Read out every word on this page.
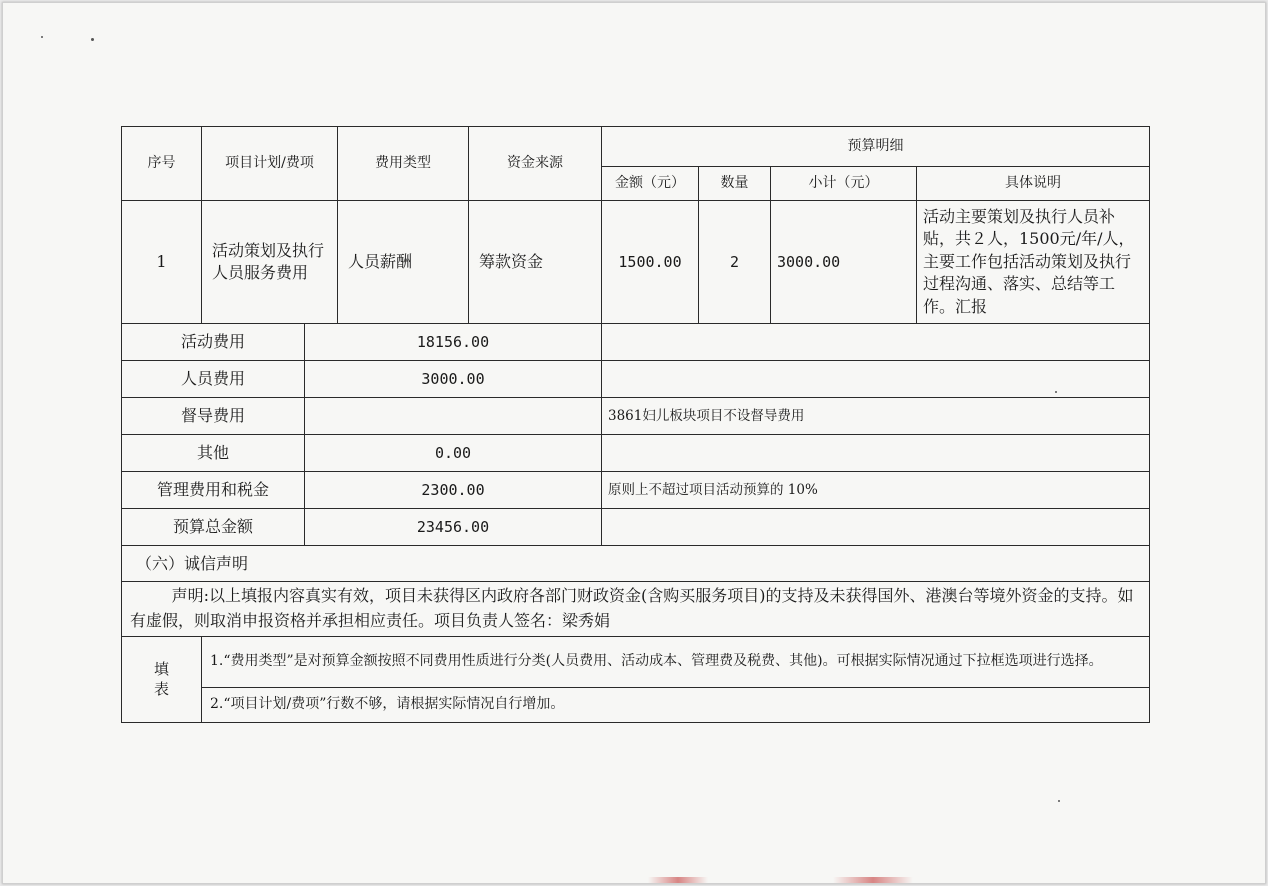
序号	项目计划/费项		费用类型	资金来源	预算明细			
					金额（元）	数量	小计（元）	具体说明
1	活动策划及执行人员服务费用		人员薪酬	筹款资金	1500.00	2	3000.00	活动主要策划及执行人员补贴，共２人，1500元/年/人，主要工作包括活动策划及执行过程沟通、落实、总结等工作。汇报
活动费用		18156.00						
人员费用		3000.00						
督导费用					3861妇儿板块项目不设督导费用			
其他		0.00						
管理费用和税金		2300.00			原则上不超过项目活动预算的 10%			
预算总金额		23456.00						
（六）诚信声明								
声明:以上填报内容真实有效，项目未获得区内政府各部门财政资金(含购买服务项目)的支持及未获得国外、港澳台等境外资金的支持。如有虚假，则取消申报资格并承担相应责任。项目负责人签名：梁秀娟								

填
表	1.“费用类型”是对预算金额按照不同费用性质进行分类(人员费用、活动成本、管理费及税费、其他)。可根据实际情况通过下拉框选项进行选择。							
	2.“项目计划/费项”行数不够，请根据实际情况自行增加。							
